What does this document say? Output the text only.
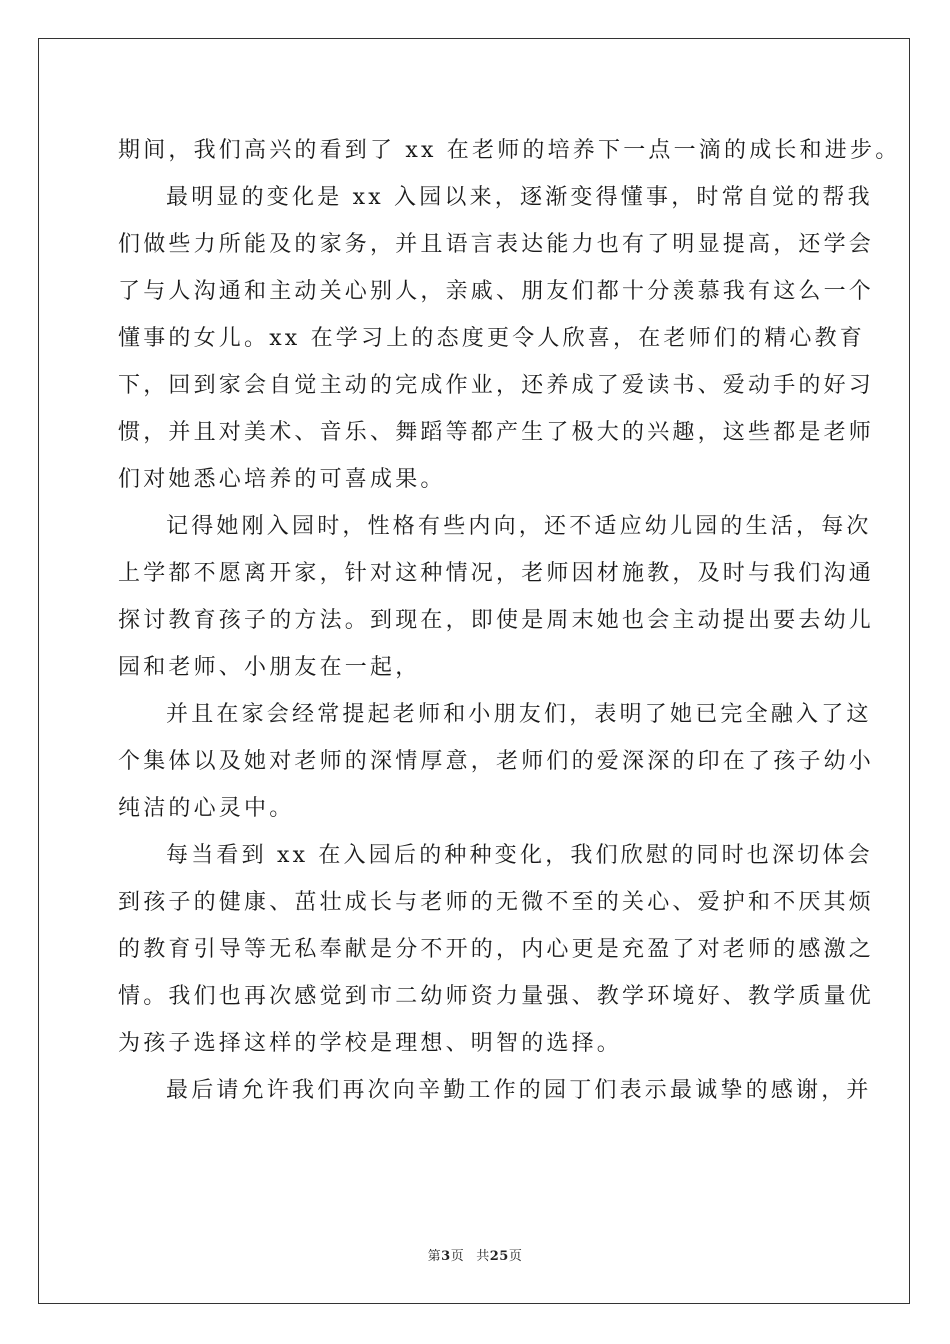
期间，我们高兴的看到了 xx 在老师的培养下一点一滴的成长和进步。
最明显的变化是 xx 入园以来，逐渐变得懂事，时常自觉的帮我
们做些力所能及的家务，并且语言表达能力也有了明显提高，还学会
了与人沟通和主动关心别人，亲戚、朋友们都十分羡慕我有这么一个
懂事的女儿。xx 在学习上的态度更令人欣喜，在老师们的精心教育
下，回到家会自觉主动的完成作业，还养成了爱读书、爱动手的好习
惯，并且对美术、音乐、舞蹈等都产生了极大的兴趣，这些都是老师
们对她悉心培养的可喜成果。
记得她刚入园时，性格有些内向，还不适应幼儿园的生活，每次
上学都不愿离开家，针对这种情况，老师因材施教，及时与我们沟通
探讨教育孩子的方法。到现在，即使是周末她也会主动提出要去幼儿
园和老师、小朋友在一起，
并且在家会经常提起老师和小朋友们，表明了她已完全融入了这
个集体以及她对老师的深情厚意，老师们的爱深深的印在了孩子幼小
纯洁的心灵中。
每当看到 xx 在入园后的种种变化，我们欣慰的同时也深切体会
到孩子的健康、茁壮成长与老师的无微不至的关心、爱护和不厌其烦
的教育引导等无私奉献是分不开的，内心更是充盈了对老师的感激之
情。我们也再次感觉到市二幼师资力量强、教学环境好、教学质量优
为孩子选择这样的学校是理想、明智的选择。
最后请允许我们再次向辛勤工作的园丁们表示最诚挚的感谢，并
第3页 共25页
